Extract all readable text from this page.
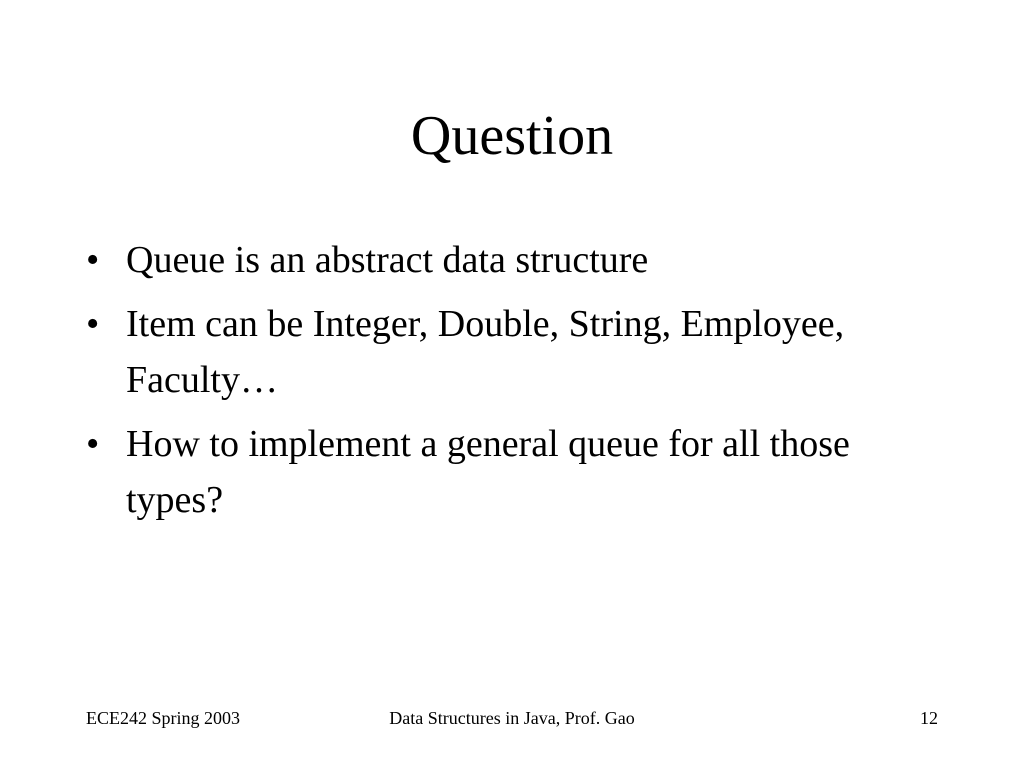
Question
• Queue is an abstract data structure
• Item can be Integer, Double, String, Employee, Faculty…
• How to implement a general queue for all those types?
ECE242 Spring 2003	Data Structures in Java, Prof. Gao	12
